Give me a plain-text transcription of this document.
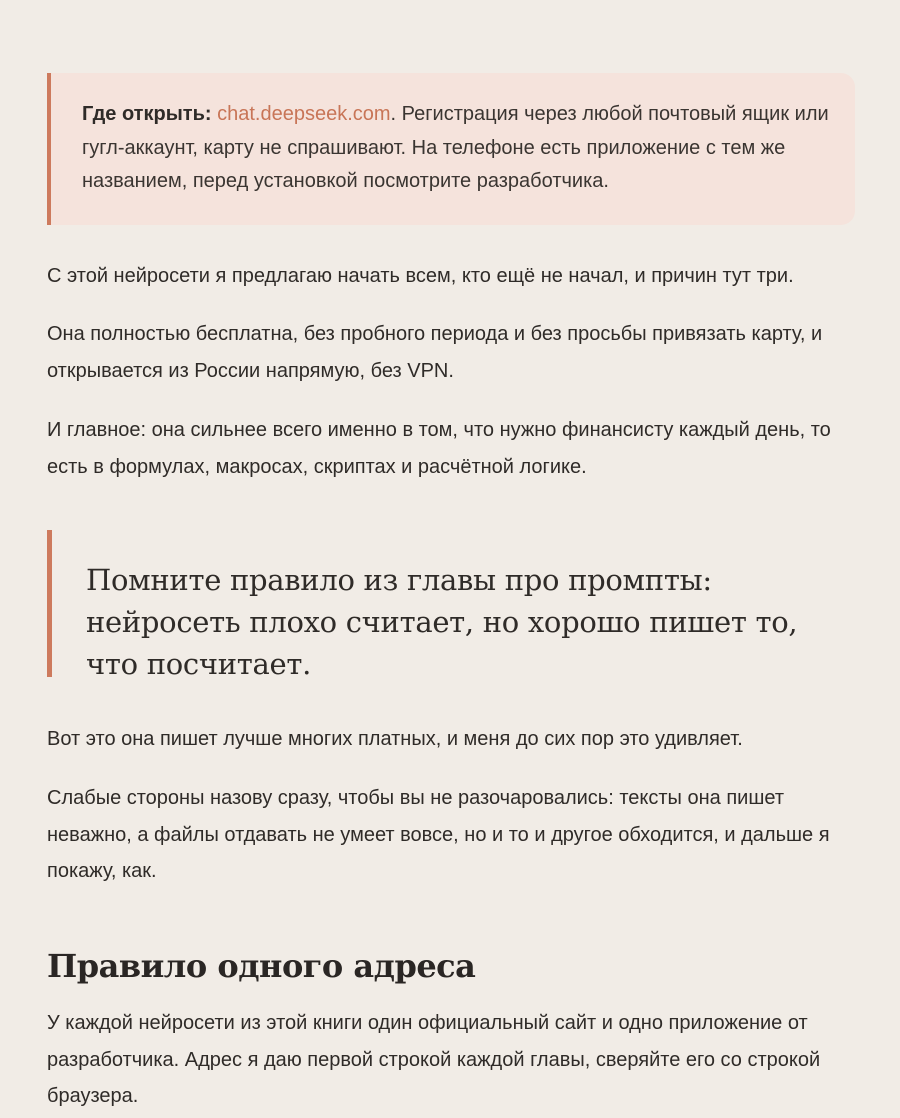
Где открыть: chat.deepseek.com. Регистрация через любой почтовый ящик или гугл-аккаунт, карту не спрашивают. На телефоне есть приложение с тем же названием, перед установкой посмотрите разработчика.

С этой нейросети я предлагаю начать всем, кто ещё не начал, и причин тут три.

Она полностью бесплатна, без пробного периода и без просьбы привязать карту, и открывается из России напрямую, без VPN.

И главное: она сильнее всего именно в том, что нужно финансисту каждый день, то есть в формулах, макросах, скриптах и расчётной логике.

Помните правило из главы про промпты: нейросеть плохо считает, но хорошо пишет то, что посчитает.

Вот это она пишет лучше многих платных, и меня до сих пор это удивляет.

Слабые стороны назову сразу, чтобы вы не разочаровались: тексты она пишет неважно, а файлы отдавать не умеет вовсе, но и то и другое обходится, и дальше я покажу, как.

Правило одного адреса

У каждой нейросети из этой книги один официальный сайт и одно приложение от разработчика. Адрес я даю первой строкой каждой главы, сверяйте его со строкой браузера.
